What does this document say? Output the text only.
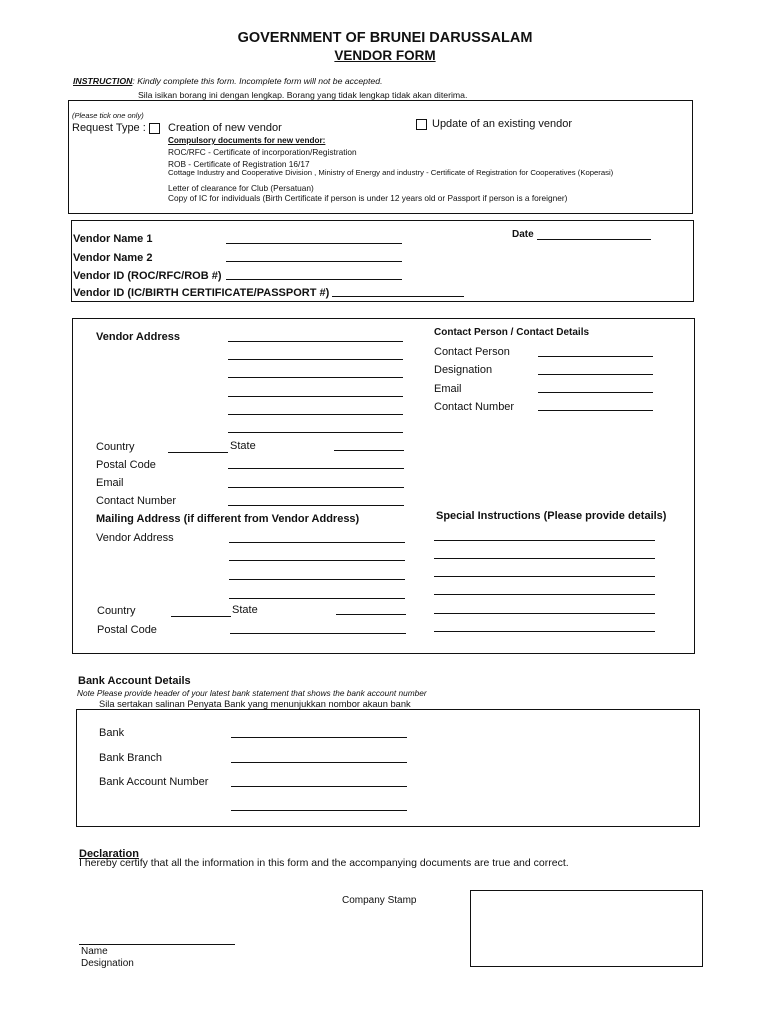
GOVERNMENT OF BRUNEI DARUSSALAM
VENDOR FORM
INSTRUCTION: Kindly complete this form. Incomplete form will not be accepted.
Sila isikan borang ini dengan lengkap. Borang yang tidak lengkap tidak akan diterima.
(Please tick one only)
Request Type : Creation of new vendor	Update of an existing vendor
Compulsory documents for new vendor:
ROC/RFC - Certificate of incorporation/Registration
ROB - Certificate of Registration 16/17
Cottage Industry and Cooperative Division , Ministry of Energy and industry - Certificate of Registration for Cooperatives (Koperasi)
Letter of clearance for Club (Persatuan)
Copy of IC for individuals (Birth Certificate if person is under 12 years old or Passport if person is a foreigner)
Vendor Name 1
Vendor Name 2
Vendor ID (ROC/RFC/ROB #)
Vendor ID (IC/BIRTH CERTIFICATE/PASSPORT #)
Date
Vendor Address
Country	State
Postal Code
Email
Contact Number
Mailing Address (if different from Vendor Address)
Vendor Address
Country	State
Postal Code
Contact Person / Contact Details
Contact Person
Designation
Email
Contact Number
Special Instructions (Please provide details)
Bank Account Details
Note Please provide header of your latest bank statement that shows the bank account number
Sila sertakan salinan Penyata Bank yang menunjukkan nombor akaun bank
Bank
Bank Branch
Bank Account Number
Declaration
I hereby certify that all the information in this form and the accompanying documents are true and correct.
Company Stamp
Name
Designation
